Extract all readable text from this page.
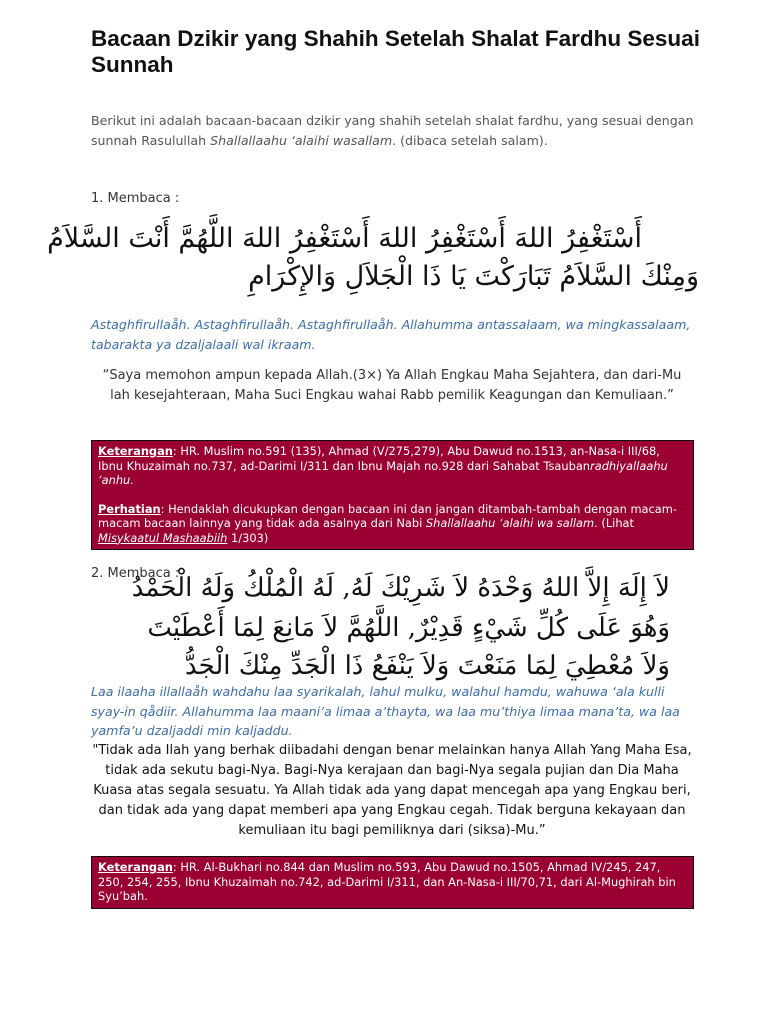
Bacaan Dzikir yang Shahih Setelah Shalat Fardhu Sesuai Sunnah
Berikut ini adalah bacaan-bacaan dzikir yang shahih setelah shalat fardhu, yang sesuai dengan sunnah Rasulullah Shallallaahu ‘alaihi wasallam. (dibaca setelah salam).

1. Membaca :

أَسْتَغْفِرُ اللهَ أَسْتَغْفِرُ اللهَ أَسْتَغْفِرُ اللهَ اللَّهُمَّ أَنْتَ السَّلاَمُ
وَمِنْكَ السَّلاَمُ تَبَارَكْتَ يَا ذَا الْجَلاَلِ وَالإِكْرَامِ
Astaghfirullaåh. Astaghfirullaåh. Astaghfirullaåh. Allahumma antassalaam, wa mingkassalaam, tabarakta ya dzaljalaali wal ikraam.
“Saya memohon ampun kepada Allah.(3×) Ya Allah Engkau Maha Sejahtera, dan dari-Mu lah kesejahteraan, Maha Suci Engkau wahai Rabb pemilik Keagungan dan Kemuliaan.”

Keterangan: HR. Muslim no.591 (135), Ahmad (V/275,279), Abu Dawud no.1513, an-Nasa-i III/68, Ibnu Khuzaimah no.737, ad-Darimi I/311 dan Ibnu Majah no.928 dari Sahabat Tsaubanradhiyallaahu ‘anhu.

Perhatian: Hendaklah dicukupkan dengan bacaan ini dan jangan ditambah-tambah dengan macam-macam bacaan lainnya yang tidak ada asalnya dari Nabi Shallallaahu ‘alaihi wa sallam. (Lihat Misykaatul Mashaabiih 1/303)

2. Membaca :

لاَ إِلَهَ إِلاَّ اللهُ وَحْدَهُ لاَ شَرِيْكَ لَهُ, لَهُ الْمُلْكُ وَلَهُ الْحَمْدُ
وَهُوَ عَلَى كُلِّ شَيْءٍ قَدِيْرٌ, اللَّهُمَّ لاَ مَانِعَ لِمَا أَعْطَيْتَ
وَلاَ مُعْطِيَ لِمَا مَنَعْتَ وَلاَ يَنْفَعُ ذَا الْجَدِّ مِنْكَ الْجَدُّ
Laa ilaaha illallaåh wahdahu laa syarikalah, lahul mulku, walahul hamdu, wahuwa ‘ala kulli syay-in qådiir. Allahumma laa maani’a limaa a’thayta, wa laa mu’thiya limaa mana’ta, wa laa yamfa’u dzaljaddi min kaljaddu.
"Tidak ada Ilah yang berhak diibadahi dengan benar melainkan hanya Allah Yang Maha Esa, tidak ada sekutu bagi-Nya. Bagi-Nya kerajaan dan bagi-Nya segala pujian dan Dia Maha Kuasa atas segala sesuatu. Ya Allah tidak ada yang dapat mencegah apa yang Engkau beri, dan tidak ada yang dapat memberi apa yang Engkau cegah. Tidak berguna kekayaan dan kemuliaan itu bagi pemiliknya dari (siksa)-Mu.”

Keterangan: HR. Al-Bukhari no.844 dan Muslim no.593, Abu Dawud no.1505, Ahmad IV/245, 247, 250, 254, 255, Ibnu Khuzaimah no.742, ad-Darimi I/311, dan An-Nasa-i III/70,71, dari Al-Mughirah bin Syu’bah.
